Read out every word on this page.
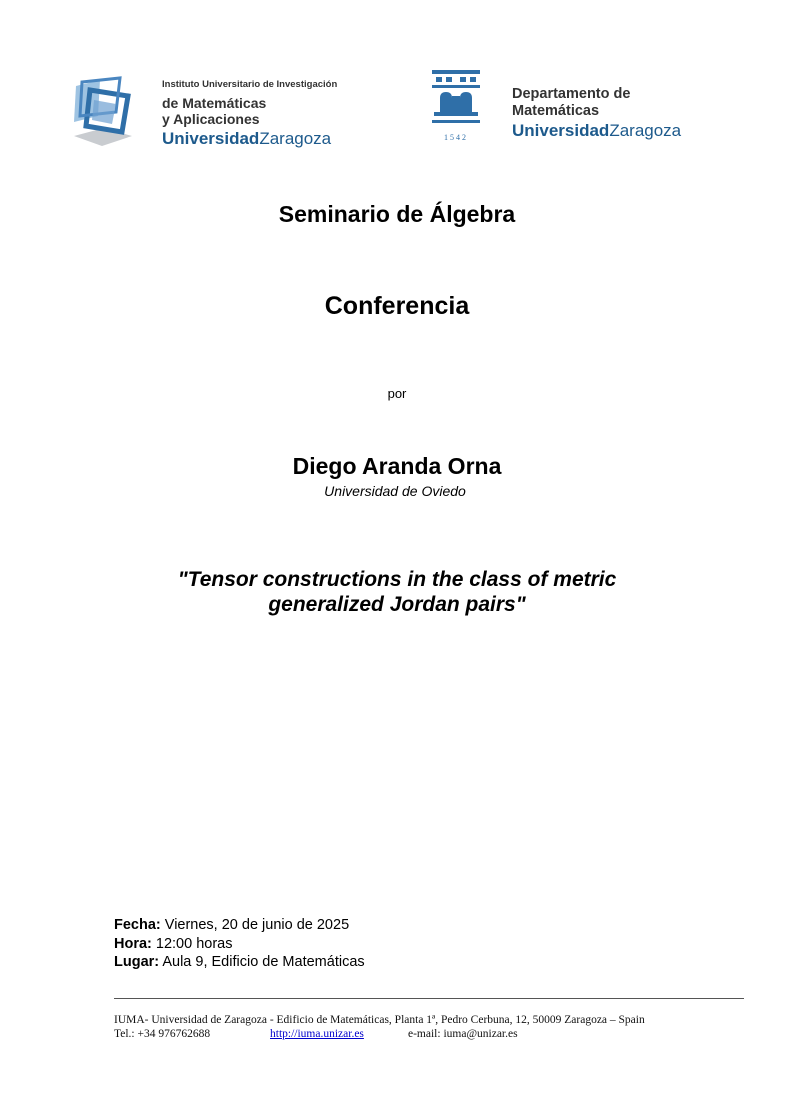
Instituto Universitario de Investigación
de Matemáticas
y Aplicaciones
UniversidadZaragoza	1542
Departamento de
Matemáticas
UniversidadZaragoza
Seminario de Álgebra
Conferencia
por
Diego Aranda Orna
Universidad de Oviedo
"Tensor constructions in the class of metric
generalized Jordan pairs"
Fecha: Viernes, 20 de junio de 2025
Hora: 12:00 horas
Lugar: Aula 9, Edificio de Matemáticas
IUMA- Universidad de Zaragoza - Edificio de Matemáticas, Planta 1ª, Pedro Cerbuna, 12, 50009 Zaragoza – Spain
Tel.: +34 976762688	http://iuma.unizar.es	e-mail: iuma@unizar.es
